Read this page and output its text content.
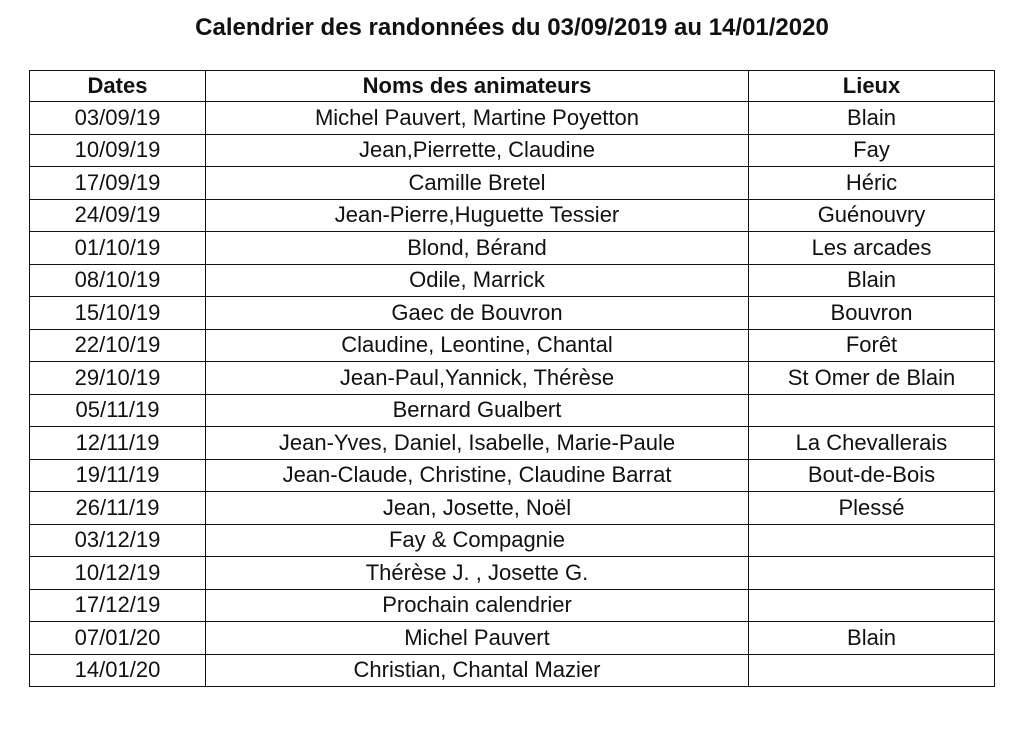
Calendrier des randonnées du 03/09/2019 au 14/01/2020
Dates	Noms des animateurs	Lieux
03/09/19	Michel Pauvert, Martine Poyetton	Blain
10/09/19	Jean,Pierrette, Claudine	Fay
17/09/19	Camille Bretel	Héric
24/09/19	Jean-Pierre,Huguette Tessier	Guénouvry
01/10/19	Blond, Bérand	Les arcades
08/10/19	Odile, Marrick	Blain
15/10/19	Gaec de Bouvron	Bouvron
22/10/19	Claudine, Leontine, Chantal	Forêt
29/10/19	Jean-Paul,Yannick, Thérèse	St Omer de Blain
05/11/19	Bernard Gualbert	
12/11/19	Jean-Yves, Daniel, Isabelle, Marie-Paule	La Chevallerais
19/11/19	Jean-Claude, Christine, Claudine Barrat	Bout-de-Bois
26/11/19	Jean, Josette, Noël	Plessé
03/12/19	Fay & Compagnie	
10/12/19	Thérèse J. , Josette G.	
17/12/19	Prochain calendrier	
07/01/20	Michel Pauvert	Blain
14/01/20	Christian, Chantal Mazier	
